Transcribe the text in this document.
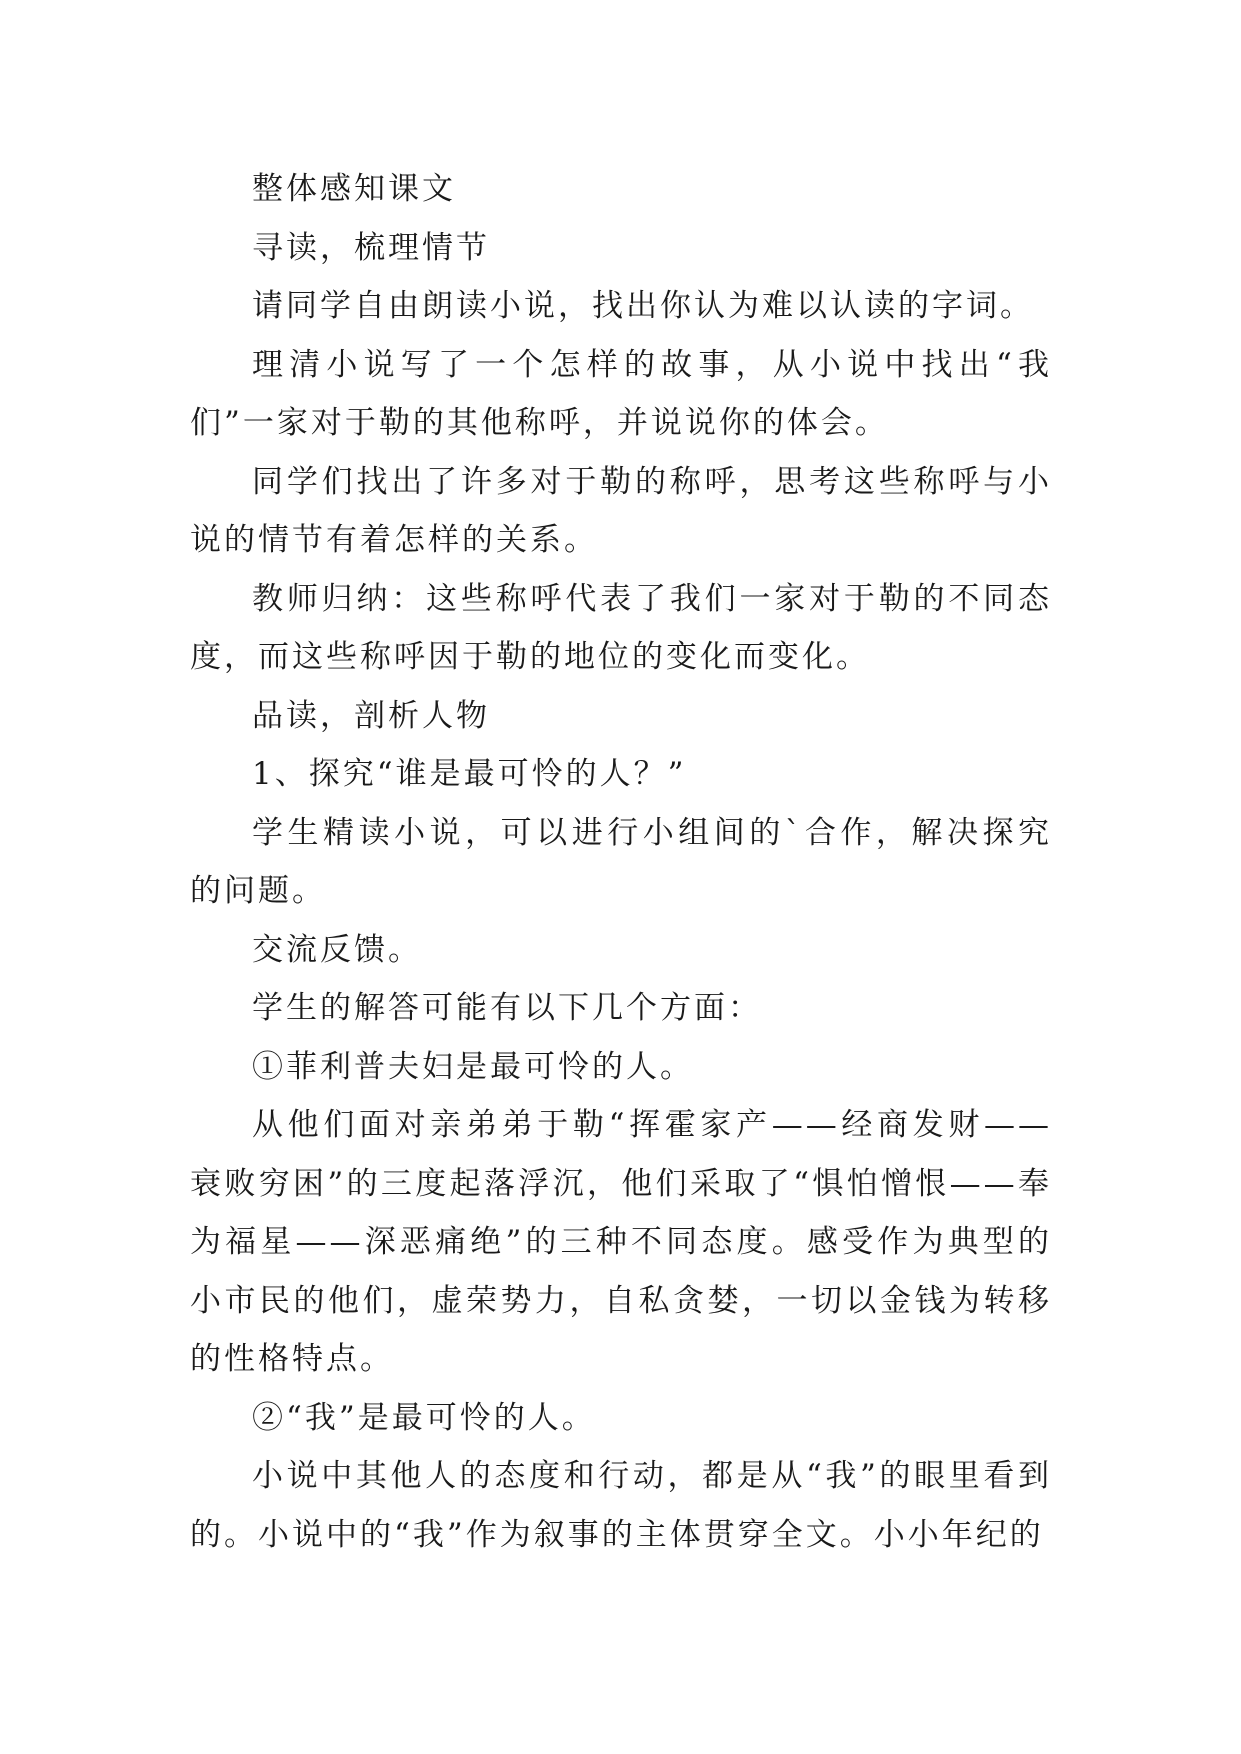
整体感知课文

寻读，梳理情节

请同学自由朗读小说，找出你认为难以认读的字词。

理清小说写了一个怎样的故事，从小说中找出“我们”一家对于勒的其他称呼，并说说你的体会。

同学们找出了许多对于勒的称呼，思考这些称呼与小说的情节有着怎样的关系。

教师归纳：这些称呼代表了我们一家对于勒的不同态度，而这些称呼因于勒的地位的变化而变化。

品读，剖析人物

1、探究“谁是最可怜的人？”

学生精读小说，可以进行小组间的`合作，解决探究的问题。

交流反馈。

学生的解答可能有以下几个方面：

①菲利普夫妇是最可怜的人。

从他们面对亲弟弟于勒“挥霍家产——经商发财——衰败穷困”的三度起落浮沉，他们采取了“惧怕憎恨——奉为福星——深恶痛绝”的三种不同态度。感受作为典型的小市民的他们，虚荣势力，自私贪婪，一切以金钱为转移的性格特点。

②“我”是最可怜的人。

小说中其他人的态度和行动，都是从“我”的眼里看到的。小说中的“我”作为叙事的主体贯穿全文。小小年纪的
